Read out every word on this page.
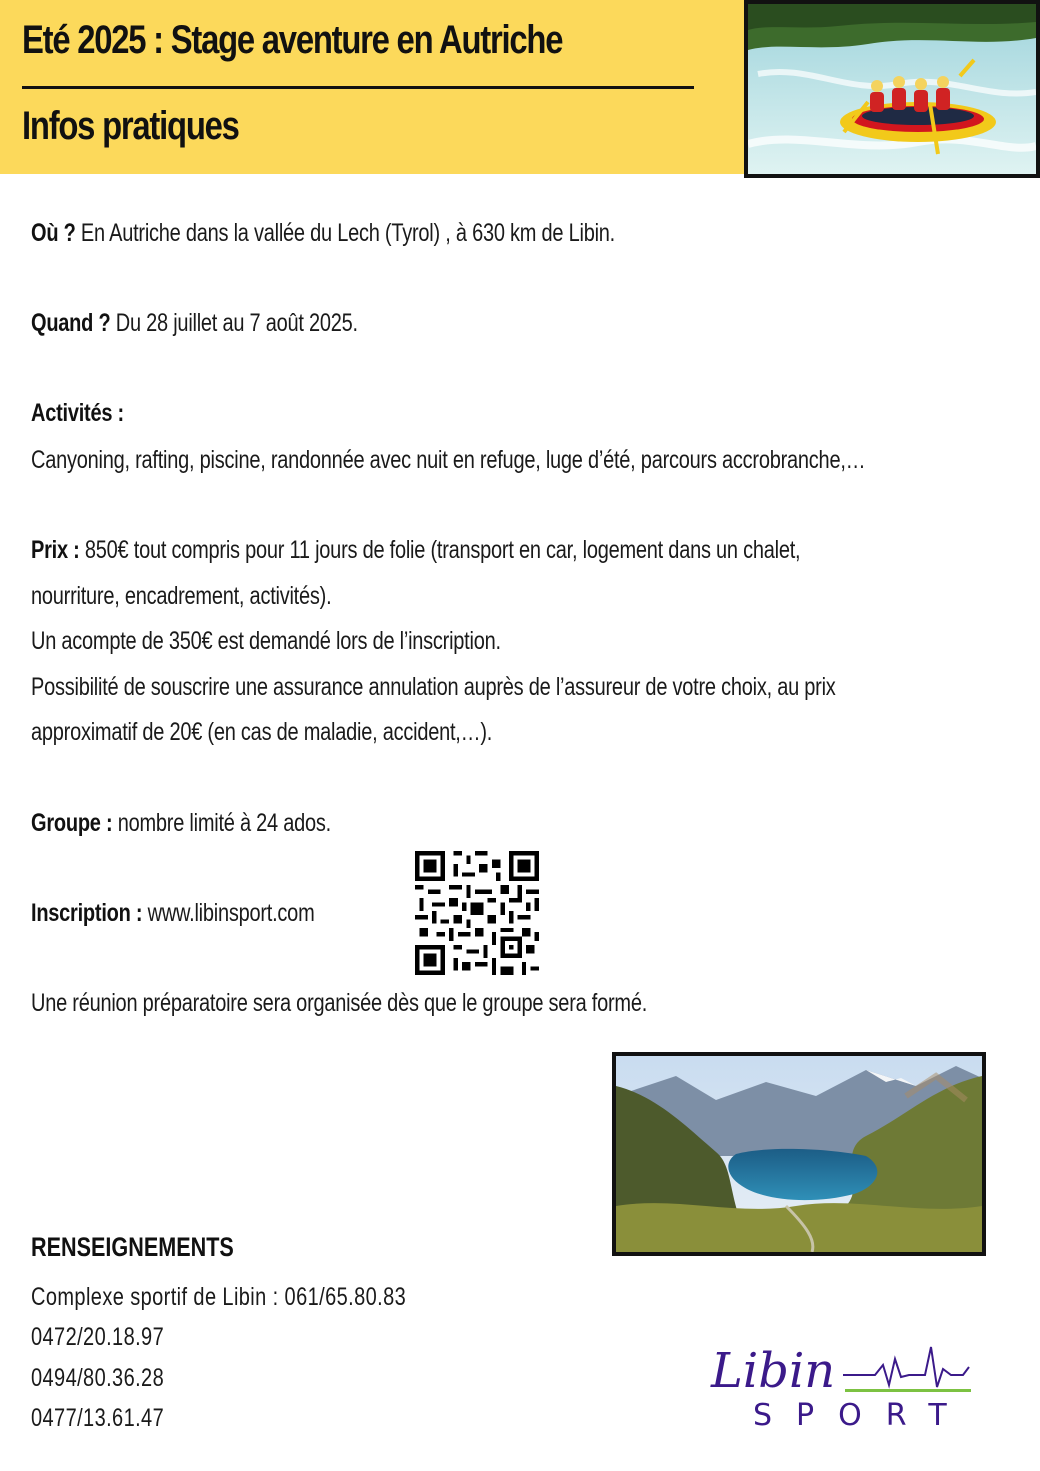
Eté 2025 : Stage aventure en Autriche
Infos pratiques
Où ? En Autriche dans la vallée du Lech (Tyrol) , à 630 km de Libin.
Quand ? Du 28 juillet au 7 août 2025.
Activités :
Canyoning, rafting, piscine, randonnée avec nuit en refuge, luge d’été, parcours accrobranche,…
Prix : 850€ tout compris pour 11 jours de folie (transport en car, logement dans un chalet,
nourriture, encadrement, activités).
Un acompte de 350€ est demandé lors de l’inscription.
Possibilité de souscrire une assurance annulation auprès de l’assureur de votre choix, au prix
approximatif de 20€ (en cas de maladie, accident,…).
Groupe : nombre limité à 24 ados.
Inscription : www.libinsport.com
Une réunion préparatoire sera organisée dès que le groupe sera formé.
RENSEIGNEMENTS
Complexe sportif de Libin : 061/65.80.83
0472/20.18.97
0494/80.36.28
0477/13.61.47
Libin
SPORT
